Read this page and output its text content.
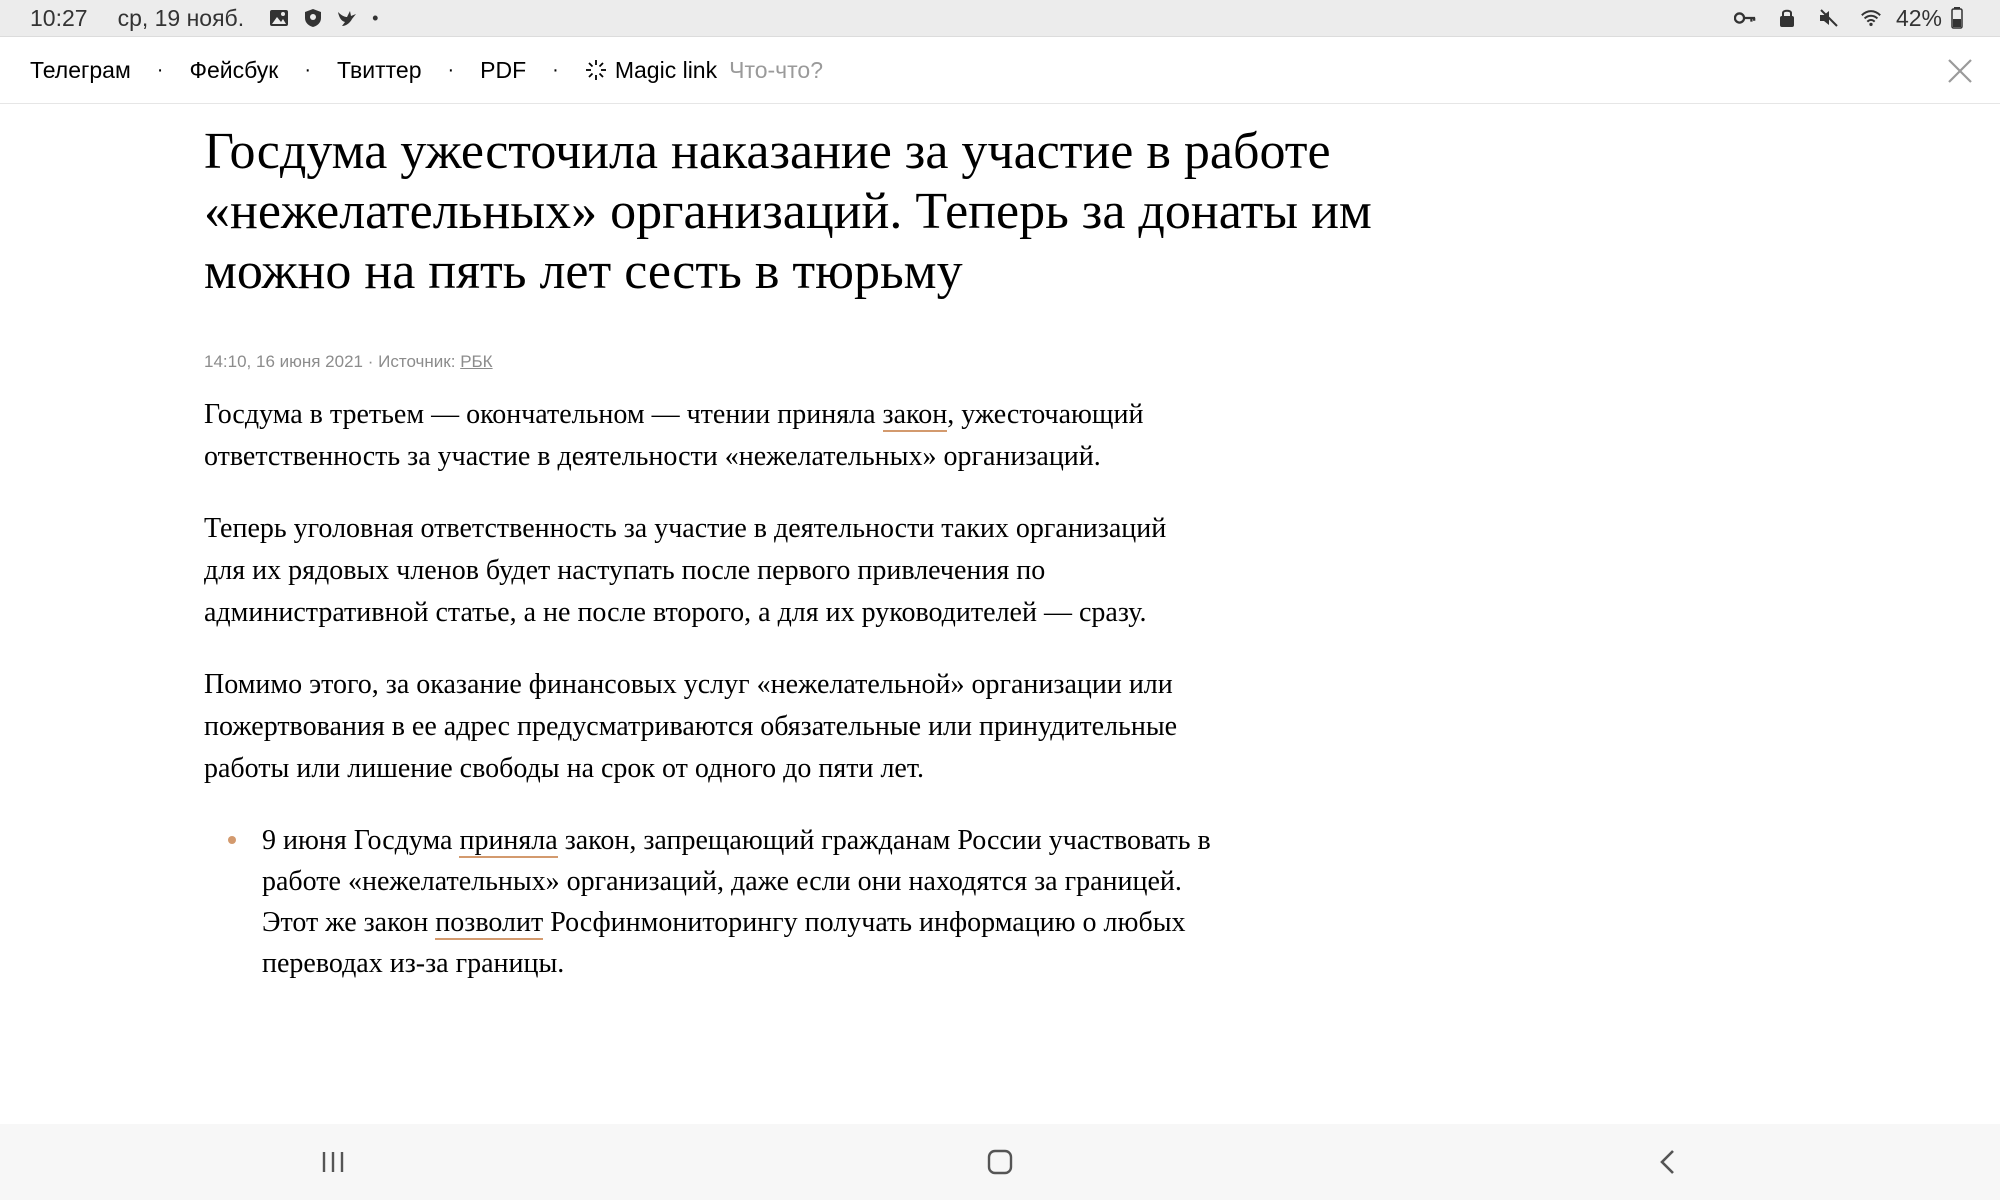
10:27 ср, 19 нояб.	•	42%
Телеграм · Фейсбук · Твиттер · PDF · Magic link Что-что?
Госдума ужесточила наказание за участие в работе «нежелательных» организаций. Теперь за донаты им можно на пять лет сесть в тюрьму
14:10, 16 июня 2021 · Источник: РБК

Госдума в третьем — окончательном — чтении приняла закон, ужесточающий ответственность за участие в деятельности «нежелательных» организаций.

Теперь уголовная ответственность за участие в деятельности таких организаций для их рядовых членов будет наступать после первого привлечения по административной статье, а не после второго, а для их руководителей — сразу.

Помимо этого, за оказание финансовых услуг «нежелательной» организации или пожертвования в ее адрес предусматриваются обязательные или принудительные работы или лишение свободы на срок от одного до пяти лет.

9 июня Госдума приняла закон, запрещающий гражданам России участвовать в работе «нежелательных» организаций, даже если они находятся за границей. Этот же закон позволит Росфинмониторингу получать информацию о любых переводах из-за границы.
